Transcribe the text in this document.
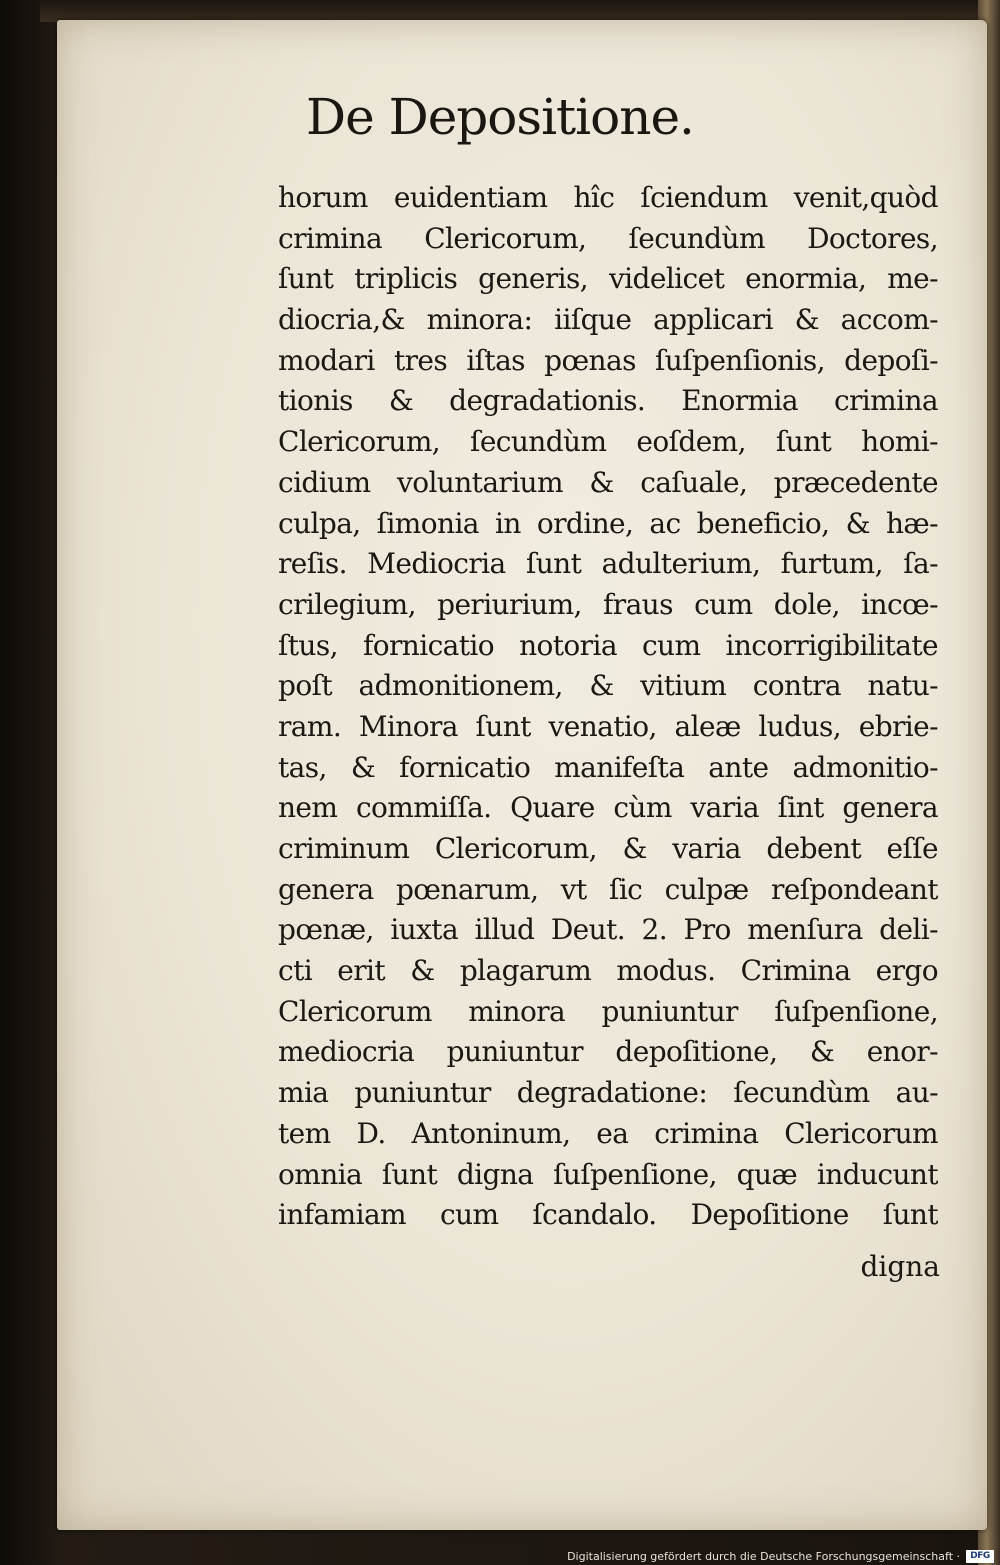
De Depositione.
horum euidentiam hîc ſciendum venit,quòd
crimina Clericorum, ſecundùm Doctores,
ſunt triplicis generis, videlicet enormia, me-
diocria,& minora: iiſque applicari & accom-
modari tres iſtas pœnas ſuſpenſionis, depoſi-
tionis & degradationis. Enormia crimina
Clericorum, ſecundùm eoſdem, ſunt homi-
cidium voluntarium & caſuale, præcedente
culpa, ſimonia in ordine, ac beneficio, & hæ-
reſis. Mediocria ſunt adulterium, furtum, ſa-
crilegium, periurium, fraus cum dole, incœ-
ſtus, fornicatio notoria cum incorrigibilitate
poſt admonitionem, & vitium contra natu-
ram. Minora ſunt venatio, aleæ ludus, ebrie-
tas, & fornicatio manifeſta ante admonitio-
nem commiſſa. Quare cùm varia ſint genera
criminum Clericorum, & varia debent eſſe
genera pœnarum, vt ſic culpæ reſpondeant
pœnæ, iuxta illud Deut. 2. Pro menſura deli-
cti erit & plagarum modus. Crimina ergo
Clericorum minora puniuntur ſuſpenſione,
mediocria puniuntur depoſitione, & enor-
mia puniuntur degradatione: ſecundùm au-
tem D. Antoninum, ea crimina Clericorum
omnia ſunt digna ſuſpenſione, quæ inducunt
infamiam cum ſcandalo. Depoſitione ſunt

digna

Digitalisierung gefördert durch die Deutsche Forschungsgemeinschaft ·	DFG
